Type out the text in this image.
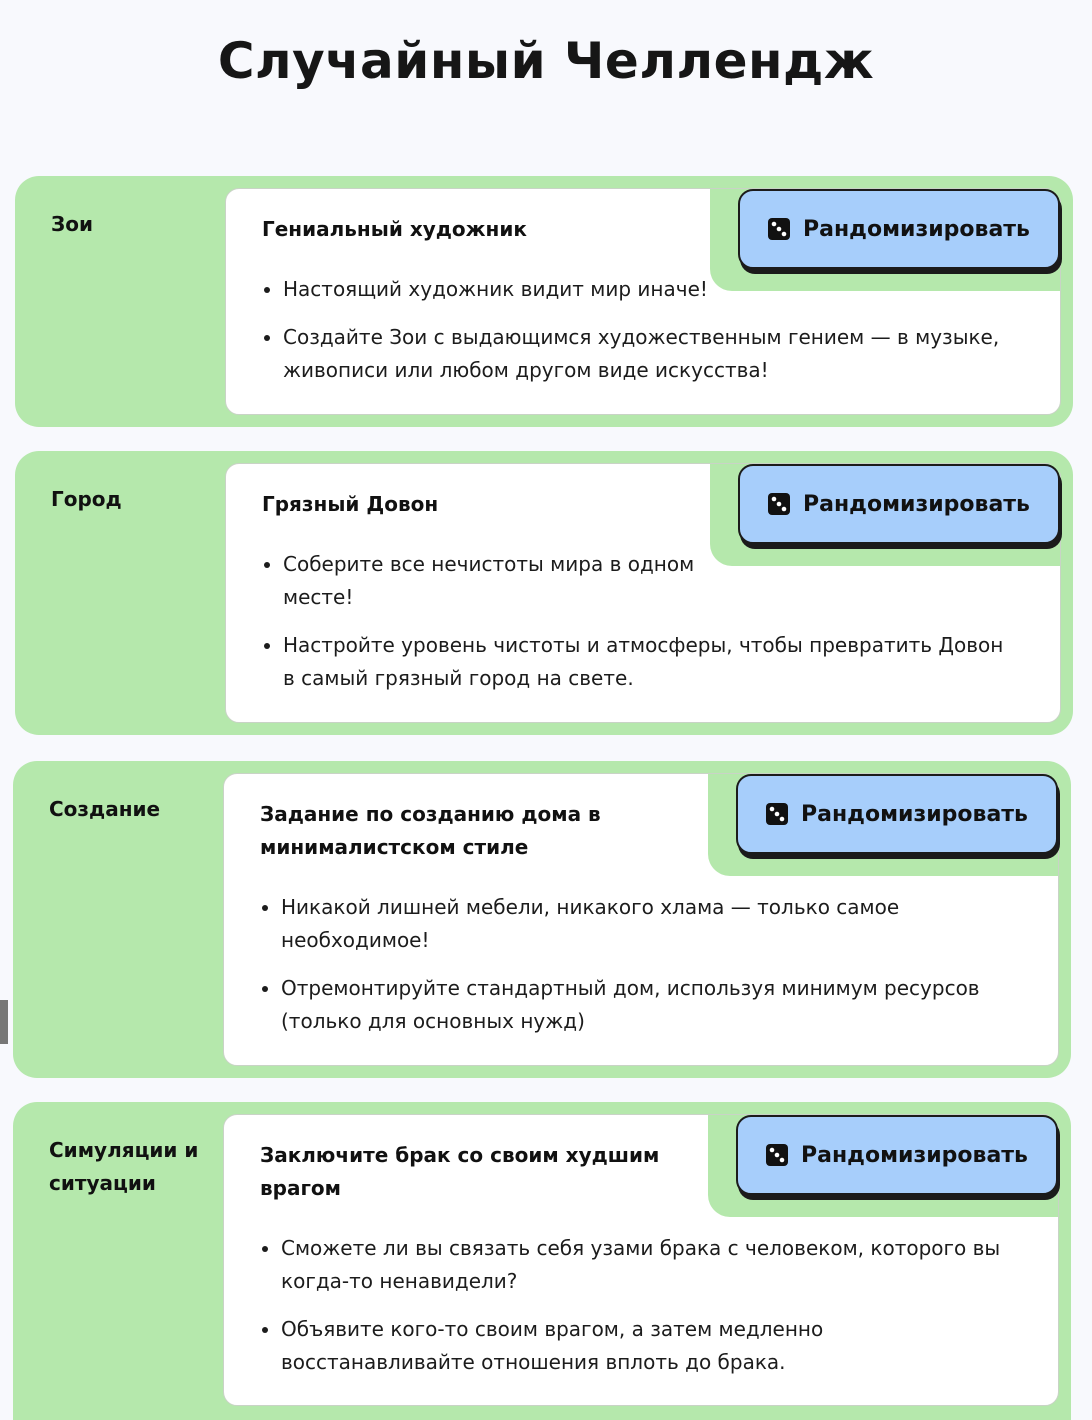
Случайный Челлендж
Зои	Гениальный художник
• Настоящий художник видит мир иначе!
• Создайте Зои с выдающимся художественным гением — в музыке, живописи или любом другом виде искусства!
Рандомизировать
Город	Грязный Довон
• Соберите все нечистоты мира в одном месте!
• Настройте уровень чистоты и атмосферы, чтобы превратить Довон в самый грязный город на свете.
Рандомизировать
Создание	Задание по созданию дома в минималистском стиле
• Никакой лишней мебели, никакого хлама — только самое необходимое!
• Отремонтируйте стандартный дом, используя минимум ресурсов (только для основных нужд)
Рандомизировать
Симуляции и ситуации
Заключите брак со своим худшим врагом
• Сможете ли вы связать себя узами брака с человеком, которого вы когда-то ненавидели?
• Объявите кого-то своим врагом, а затем медленно восстанавливайте отношения вплоть до брака.
Рандомизировать
